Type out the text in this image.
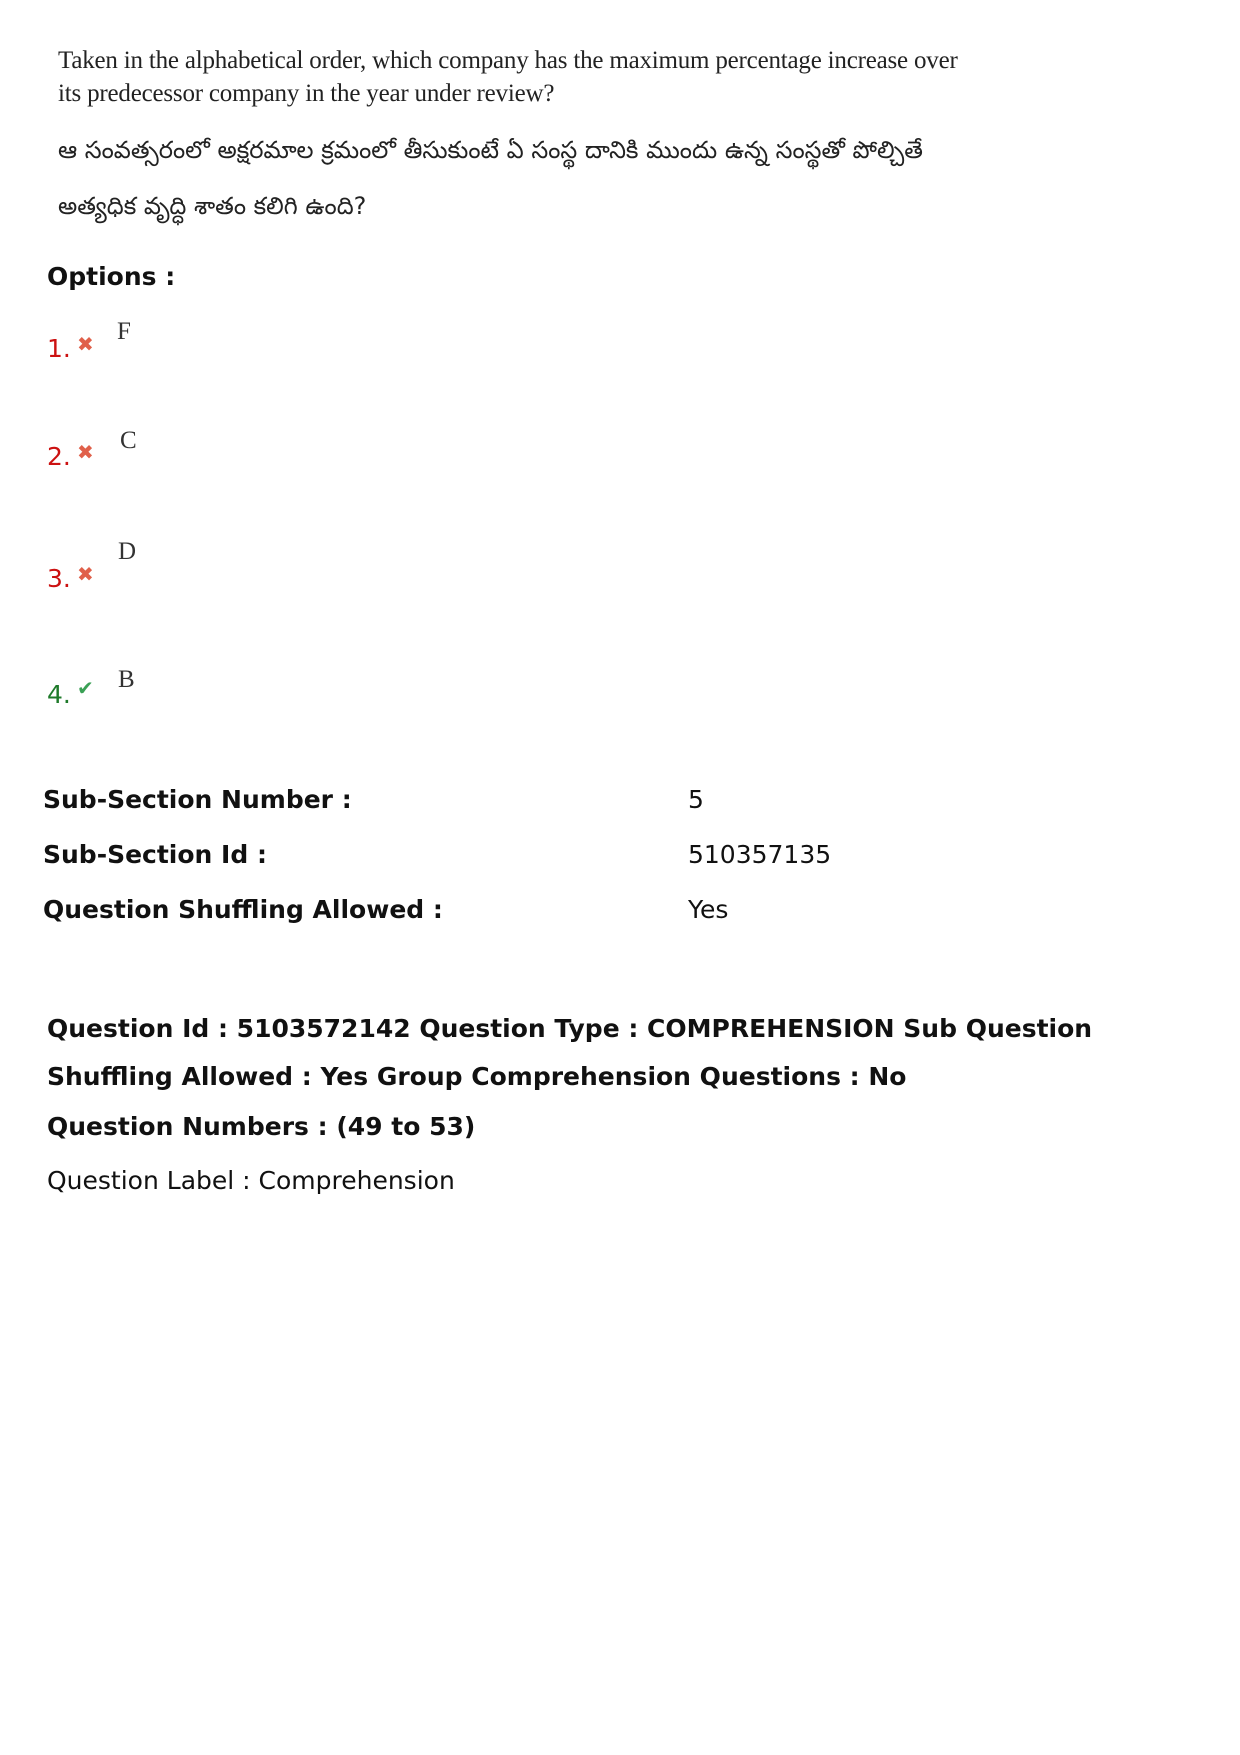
Taken in the alphabetical order, which company has the maximum percentage increase over its predecessor company in the year under review?

ఆ సంవత్సరంలో అక్షరమాల క్రమంలో తీసుకుంటే ఏ సంస్థ దానికి ముందు ఉన్న సంస్థతో పోల్చితే అత్యధిక వృద్ధి శాతం కలిగి ఉంది?

Options :
1. ✖ F
2. ✖ C
3. ✖
D
4. ✔ B
Sub-Section Number :	5
Sub-Section Id :	510357135
Question Shuffling Allowed :	Yes
Question Id : 5103572142 Question Type : COMPREHENSION Sub Question Shuffling Allowed : Yes Group Comprehension Questions : No
Question Numbers : (49 to 53)
Question Label : Comprehension
